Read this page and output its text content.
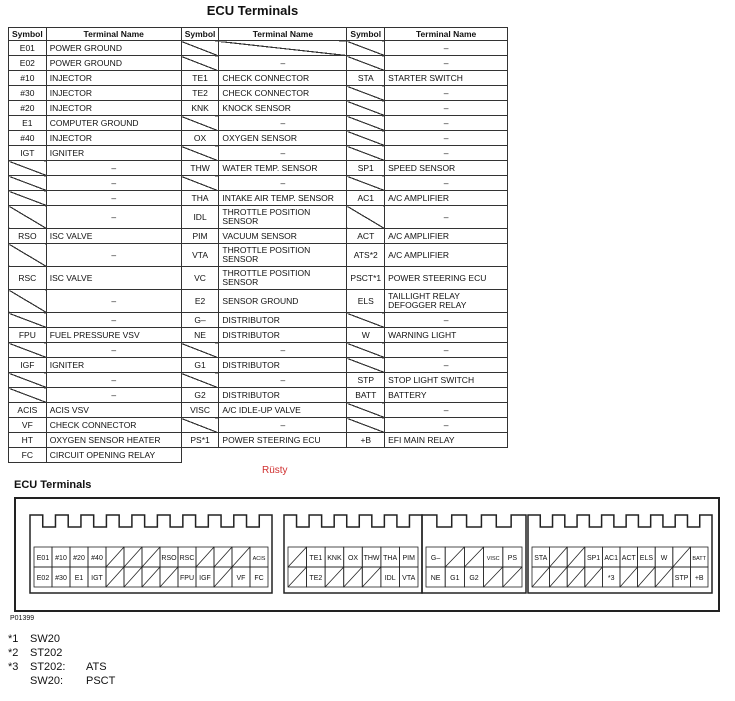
ECU Terminals
Symbol	Terminal Name	Symbol	Terminal Name	Symbol	Terminal Name
E01	POWER GROUND				–
E02	POWER GROUND		–		–
#10	INJECTOR	TE1	CHECK CONNECTOR	STA	STARTER SWITCH
#30	INJECTOR	TE2	CHECK CONNECTOR		–
#20	INJECTOR	KNK	KNOCK SENSOR		–
E1	COMPUTER GROUND		–		–
#40	INJECTOR	OX	OXYGEN SENSOR		–
IGT	IGNITER		–		–
	–	THW	WATER TEMP. SENSOR	SP1	SPEED SENSOR
	–		–		–
	–	THA	INTAKE AIR TEMP. SENSOR	AC1	A/C AMPLIFIER
	–	IDL	THROTTLE POSITION SENSOR		–
RSO	ISC VALVE	PIM	VACUUM SENSOR	ACT	A/C AMPLIFIER
	–	VTA	THROTTLE POSITION SENSOR	ATS*2	A/C AMPLIFIER
RSC	ISC VALVE	VC	THROTTLE POSITION SENSOR	PSCT*1	POWER STEERING ECU
	–	E2	SENSOR GROUND	ELS	TAILLIGHT RELAY DEFOGGER RELAY
	–	G–	DISTRIBUTOR		–
FPU	FUEL PRESSURE VSV	NE	DISTRIBUTOR	W	WARNING LIGHT
	–		–		–
IGF	IGNITER	G1	DISTRIBUTOR		–
	–		–	STP	STOP LIGHT SWITCH
	–	G2	DISTRIBUTOR	BATT	BATTERY
ACIS	ACIS VSV	VISC	A/C IDLE-UP VALVE		–
VF	CHECK CONNECTOR		–		–
HT	OXYGEN SENSOR HEATER	PS*1	POWER STEERING ECU	+B	EFI MAIN RELAY
FC	CIRCUIT OPENING RELAY				
Rüsty
ECU Terminals
E01 #10 #20 #40	RSO RSC	ACIS
E02 #30 E1 IGT	FPU IGF	VF FC
TE1 KNK OX THW THA PIM
TE2	IDL VTA
G–	VISC PS
NE G1 G2
STA	SP1 AC1 ACT ELS W	BATT
*3	STP +B
P01399
*1	SW20
*2	ST202
*3	ST202:	ATS
SW20:	PSCT
